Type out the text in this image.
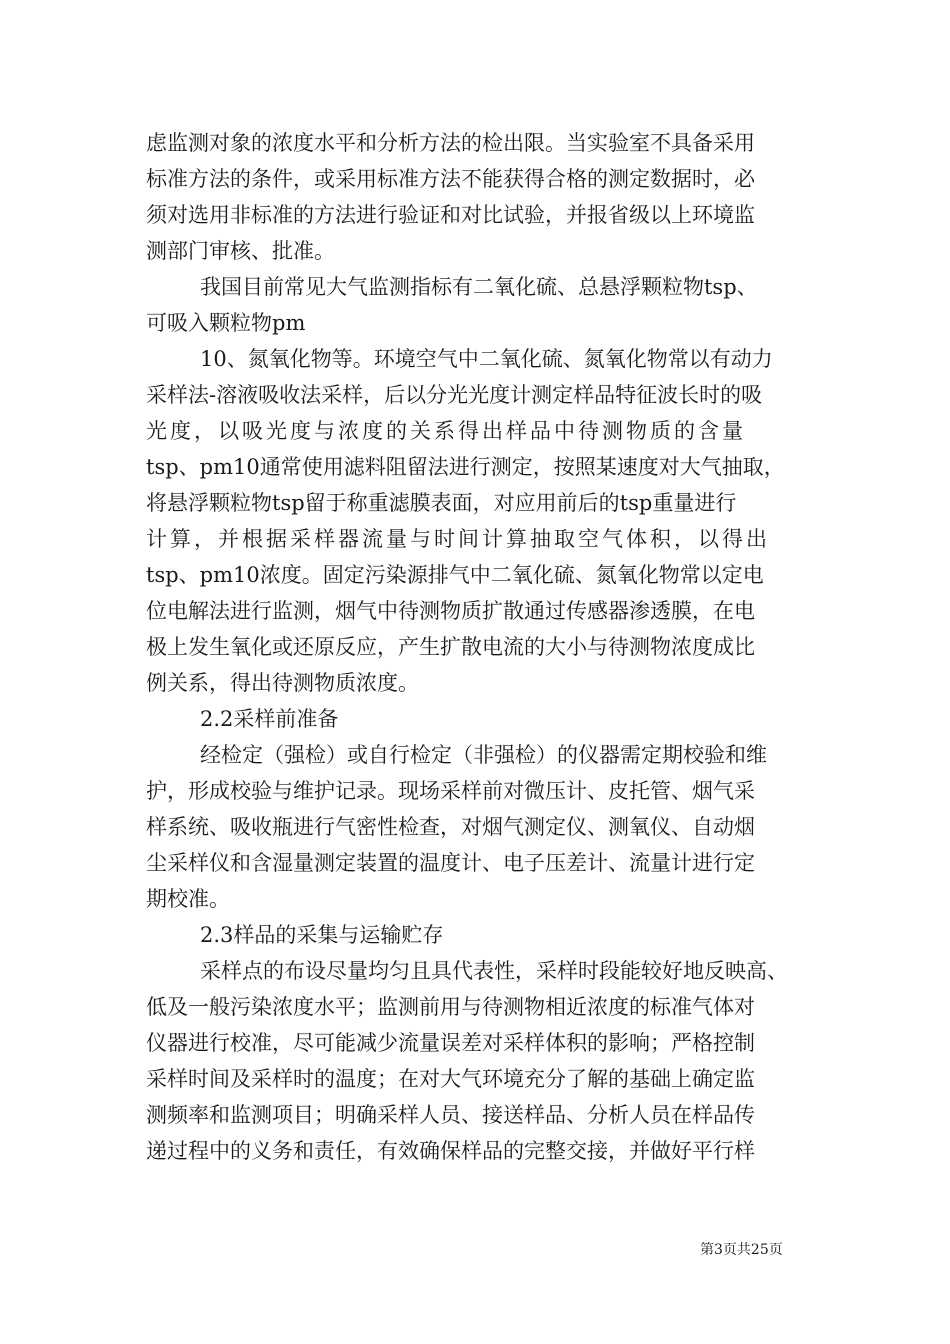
虑监测对象的浓度水平和分析方法的检出限。当实验室不具备采用
标准方法的条件，或采用标准方法不能获得合格的测定数据时，必
须对选用非标准的方法进行验证和对比试验，并报省级以上环境监
测部门审核、批准。
我国目前常见大气监测指标有二氧化硫、总悬浮颗粒物tsp、
可吸入颗粒物pm
10、氮氧化物等。环境空气中二氧化硫、氮氧化物常以有动力
采样法-溶液吸收法采样，后以分光光度计测定样品特征波长时的吸
光度，以吸光度与浓度的关系得出样品中待测物质的含量
tsp、pm10通常使用滤料阻留法进行测定，按照某速度对大气抽取，
将悬浮颗粒物tsp留于称重滤膜表面，对应用前后的tsp重量进行
计算，并根据采样器流量与时间计算抽取空气体积，以得出
tsp、pm10浓度。固定污染源排气中二氧化硫、氮氧化物常以定电
位电解法进行监测，烟气中待测物质扩散通过传感器渗透膜，在电
极上发生氧化或还原反应，产生扩散电流的大小与待测物浓度成比
例关系，得出待测物质浓度。
2.2采样前准备
经检定（强检）或自行检定（非强检）的仪器需定期校验和维
护，形成校验与维护记录。现场采样前对微压计、皮托管、烟气采
样系统、吸收瓶进行气密性检查，对烟气测定仪、测氧仪、自动烟
尘采样仪和含湿量测定装置的温度计、电子压差计、流量计进行定
期校准。
2.3样品的采集与运输贮存
采样点的布设尽量均匀且具代表性，采样时段能较好地反映高、
低及一般污染浓度水平；监测前用与待测物相近浓度的标准气体对
仪器进行校准，尽可能减少流量误差对采样体积的影响；严格控制
采样时间及采样时的温度；在对大气环境充分了解的基础上确定监
测频率和监测项目；明确采样人员、接送样品、分析人员在样品传
递过程中的义务和责任，有效确保样品的完整交接，并做好平行样
第3页共25页
